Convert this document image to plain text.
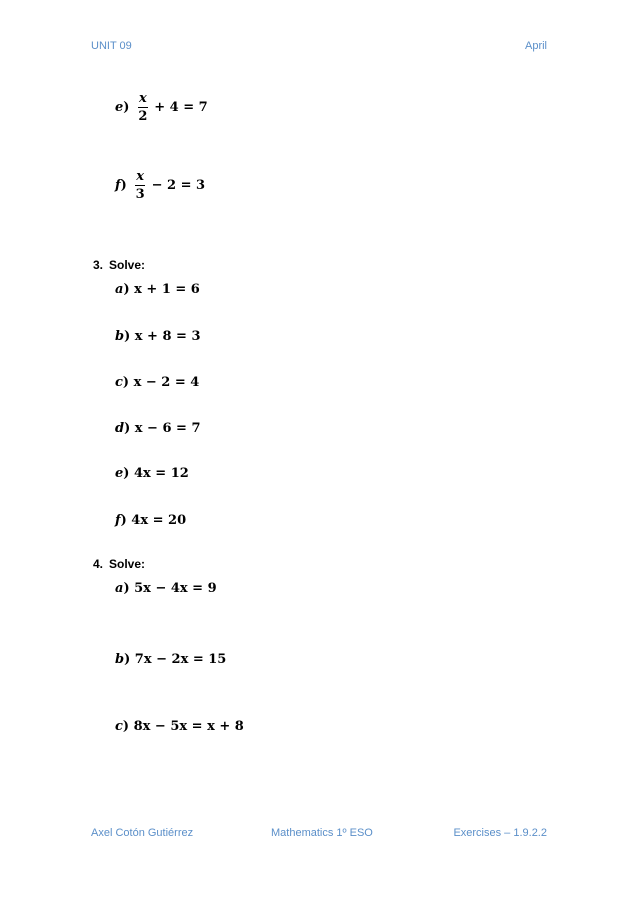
UNIT 09	April
$e) \frac{x}{2} + 4 = 7$
$f) \frac{x}{3} - 2 = 3$
3. Solve:
a) x + 1 = 6
b) x + 8 = 3
c) x − 2 = 4
d) x − 6 = 7
e) 4x = 12
f) 4x = 20
4. Solve:
a) 5x − 4x = 9
b) 7x − 2x = 15
c) 8x − 5x = x + 8
Axel Cotón Gutiérrez	Mathematics 1º ESO	Exercises – 1.9.2.2
